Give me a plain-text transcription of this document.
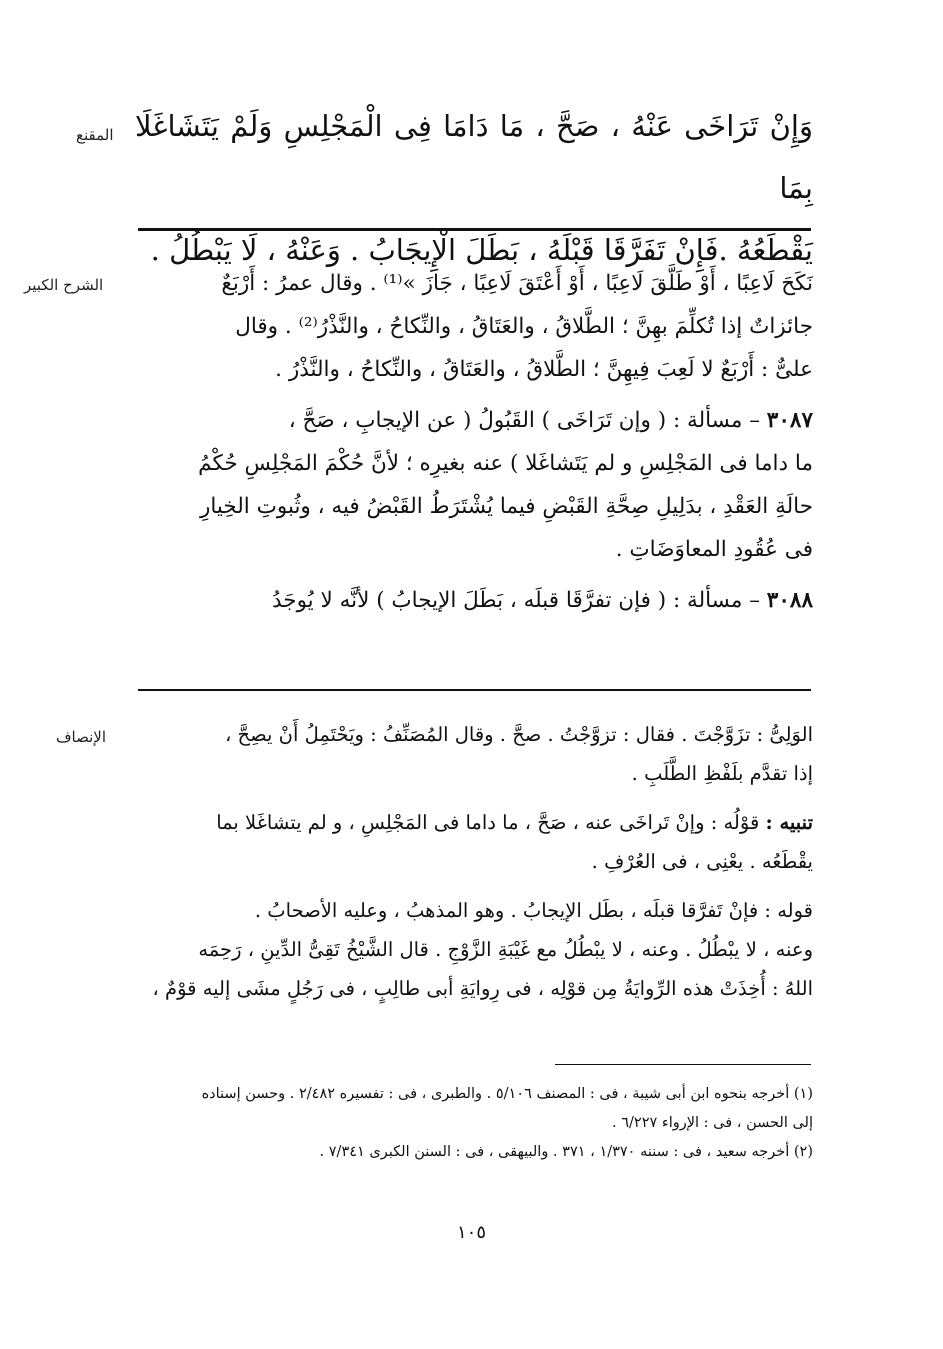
المقنع وَإِنْ تَرَاخَى عَنْهُ ، صَحَّ ، مَا دَامَا فِى الْمَجْلِسِ وَلَمْ يَتَشَاغَلَا بِمَا

يَقْطَعُهُ .فَإِنْ تَفَرَّقَا قَبْلَهُ ، بَطَلَ الْإِيجَابُ . وَعَنْهُ ، لَا يَبْطُلُ .

الشرح الكبير	نَكَحَ لَاعِبًا ، أَوْ طَلَّقَ لَاعِبًا ، أَوْ أَعْتَقَ لَاعِبًا ، جَازَ »⁽¹⁾ . وقال عمرُ : أَرْبَعٌ

جائزاتٌ إذا تُكلِّمَ بهِنَّ ؛ الطَّلاقُ ، والعَتَاقُ ، والنِّكاحُ ، والنَّذْرُ⁽²⁾ . وقال

علىٌّ : أَرْبَعٌ لا لَعِبَ فِيهِنَّ ؛ الطَّلاقُ ، والعَتَاقُ ، والنِّكاحُ ، والنَّذْرُ .

٣٠٨٧ – مسألة : ( وإن تَرَاخَى ) القَبُولُ ( عن الإيجابِ ، صَحَّ ،

ما داما فى المَجْلِسِ و لم يَتَشاغَلا ) عنه بغيرِه ؛ لأنَّ حُكْمَ المَجْلِسِ حُكْمُ

حالَةِ العَقْدِ ، بدَلِيلِ صِحَّةِ القَبْضِ فيما يُشْتَرَطُ القَبْضُ فيه ، وثُبوتِ الخِيارِ

فى عُقُودِ المعاوَضَاتِ .

٣٠٨٨ – مسألة : ( فإن تفرَّقَا قبلَه ، بَطَلَ الإيجابُ ) لأنَّه لا يُوجَدُ

الإنصاف	الوَلِىُّ : تزَوَّجْتَ . فقال : تزوَّجْتُ . صحَّ . وقال المُصَنِّفُ : ويَحْتَمِلُ أَنْ يصِحَّ ،

إذا تقدَّم بلَفْظِ الطَّلَبِ .

تنبيه : قوْلُه : وإنْ تَراخَى عنه ، صَحَّ ، ما داما فى المَجْلِسِ ، و لم يتشاغَلا بما

يقْطَعُه . يعْنِى ، فى العُرْفِ .

قوله : فإنْ تَفرَّقا قبلَه ، بطَل الإيجابُ . وهو المذهبُ ، وعليه الأصحابُ .

وعنه ، لا يبْطُلُ . وعنه ، لا يبْطُلُ مع غَيْبَةِ الزَّوْجِ . قال الشَّيْخُ تَقِىُّ الدِّينِ ، رَحِمَه

اللهُ : أُخِذَتْ هذه الرِّوايَةُ مِن قوْلِه ، فى رِوايَةِ أبى طالِبٍ ، فى رَجُلٍ مشَى إليه قوْمٌ ،

(١) أخرجه بنحوه ابن أبى شيبة ، فى : المصنف ٥/١٠٦ . والطبرى ، فى : تفسيره ٢/٤٨٢ . وحسن إسناده

إلى الحسن ، فى : الإرواء ٦/٢٢٧ .

(٢) أخرجه سعيد ، فى : سننه ١/٣٧٠ ، ٣٧١ . والبيهقى ، فى : السنن الكبرى ٧/٣٤١ .

١٠٥
